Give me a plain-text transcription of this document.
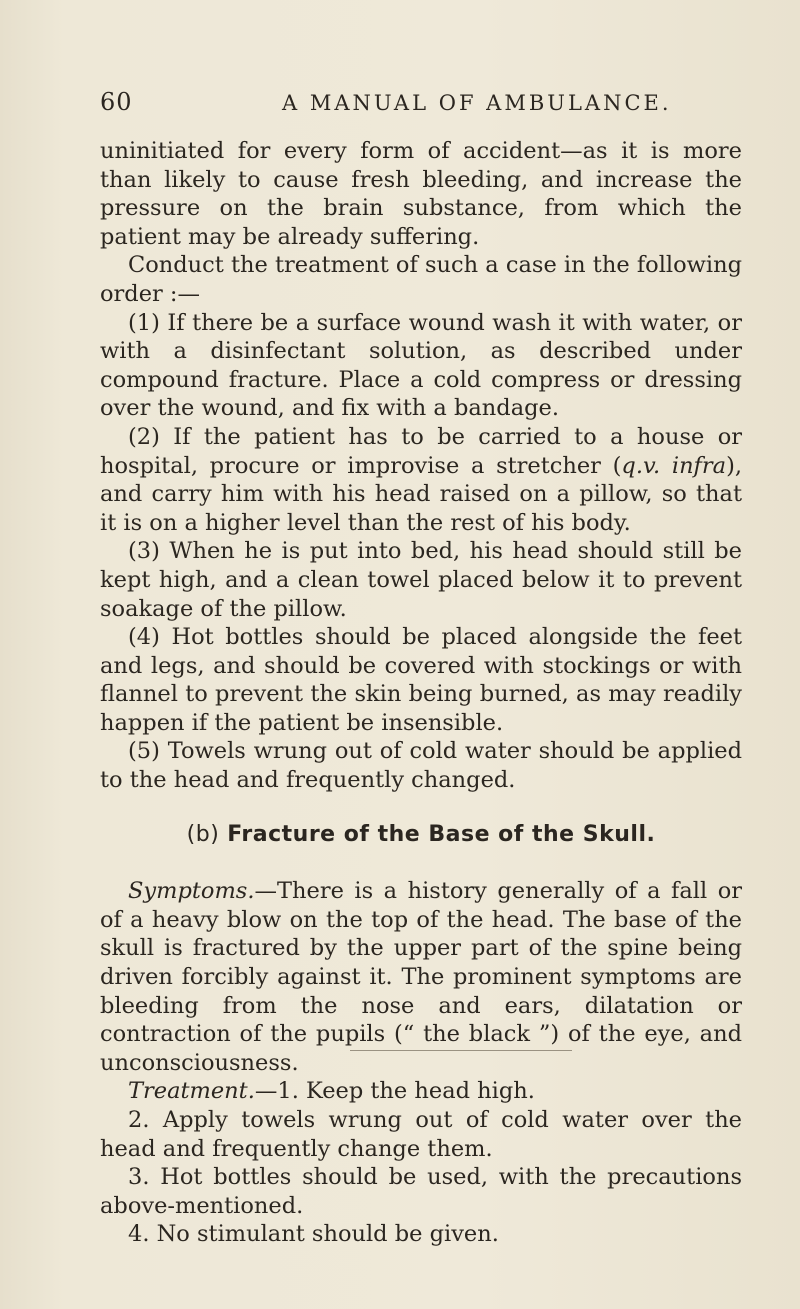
60	A MANUAL OF AMBULANCE.

uninitiated for every form of accident—as it is more than likely to cause fresh bleeding, and increase the pressure on the brain substance, from which the patient may be already suffering.

Conduct the treatment of such a case in the following order :—

(1) If there be a surface wound wash it with water, or with a disinfectant solution, as described under compound fracture. Place a cold compress or dressing over the wound, and fix with a bandage.

(2) If the patient has to be carried to a house or hospital, procure or improvise a stretcher (q.v. infra), and carry him with his head raised on a pillow, so that it is on a higher level than the rest of his body.

(3) When he is put into bed, his head should still be kept high, and a clean towel placed below it to prevent soakage of the pillow.

(4) Hot bottles should be placed alongside the feet and legs, and should be covered with stockings or with flannel to prevent the skin being burned, as may readily happen if the patient be insensible.

(5) Towels wrung out of cold water should be applied to the head and frequently changed.

(b) Fracture of the Base of the Skull.

Symptoms.—There is a history generally of a fall or of a heavy blow on the top of the head. The base of the skull is fractured by the upper part of the spine being driven forcibly against it. The prominent symptoms are bleeding from the nose and ears, dilatation or contraction of the pupils (“ the black ”) of the eye, and unconsciousness.

Treatment.—1. Keep the head high.

2. Apply towels wrung out of cold water over the head and frequently change them.

3. Hot bottles should be used, with the precautions above-mentioned.

4. No stimulant should be given.
